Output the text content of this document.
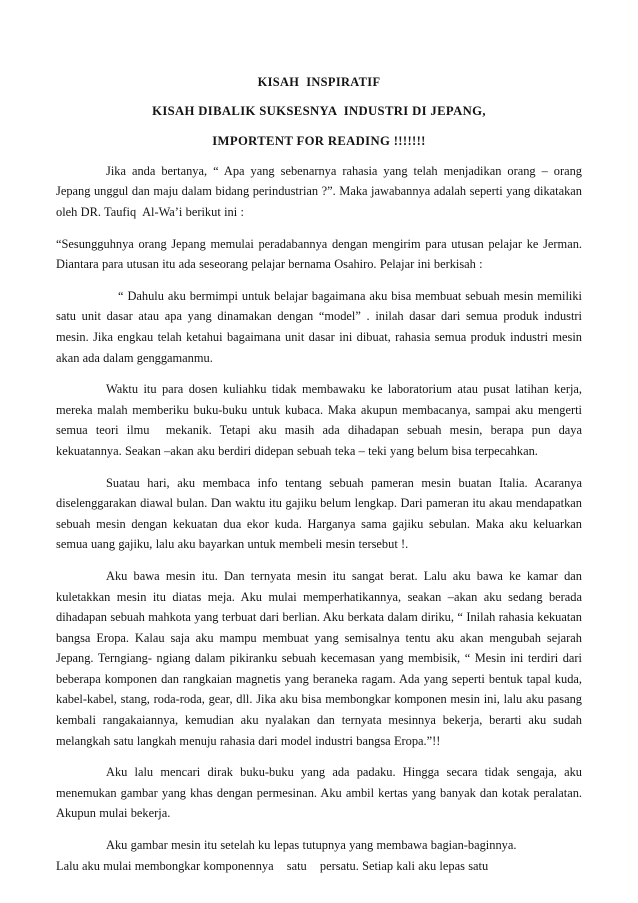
KISAH  INSPIRATIF
KISAH DIBALIK SUKSESNYA  INDUSTRI DI JEPANG,
IMPORTENT FOR READING !!!!!!!

Jika anda bertanya, “ Apa yang sebenarnya rahasia yang telah menjadikan orang – orang Jepang unggul dan maju dalam bidang perindustrian ?”. Maka jawabannya adalah seperti yang dikatakan oleh DR. Taufiq  Al-Wa’i berikut ini :

“Sesungguhnya orang Jepang memulai peradabannya dengan mengirim para utusan pelajar ke Jerman. Diantara para utusan itu ada seseorang pelajar bernama Osahiro. Pelajar ini berkisah :

“ Dahulu aku bermimpi untuk belajar bagaimana aku bisa membuat sebuah mesin memiliki satu unit dasar atau apa yang dinamakan dengan “model” . inilah dasar dari semua produk industri mesin. Jika engkau telah ketahui bagaimana unit dasar ini dibuat, rahasia semua produk industri mesin akan ada dalam genggamanmu.

Waktu itu para dosen kuliahku tidak membawaku ke laboratorium atau pusat latihan kerja, mereka malah memberiku buku-buku untuk kubaca. Maka akupun membacanya, sampai aku mengerti semua teori ilmu  mekanik. Tetapi aku masih ada dihadapan sebuah mesin, berapa pun daya kekuatannya. Seakan –akan aku berdiri didepan sebuah teka – teki yang belum bisa terpecahkan.

Suatau hari, aku membaca info tentang sebuah pameran mesin buatan Italia. Acaranya diselenggarakan diawal bulan. Dan waktu itu gajiku belum lengkap. Dari pameran itu akau mendapatkan sebuah mesin dengan kekuatan dua ekor kuda. Harganya sama gajiku sebulan. Maka aku keluarkan semua uang gajiku, lalu aku bayarkan untuk membeli mesin tersebut !.

Aku bawa mesin itu. Dan ternyata mesin itu sangat berat. Lalu aku bawa ke kamar dan kuletakkan mesin itu diatas meja. Aku mulai memperhatikannya, seakan –akan aku sedang berada dihadapan sebuah mahkota yang terbuat dari berlian. Aku berkata dalam diriku, “ Inilah rahasia kekuatan bangsa Eropa. Kalau saja aku mampu membuat yang semisalnya tentu aku akan mengubah sejarah Jepang. Terngiang- ngiang dalam pikiranku sebuah kecemasan yang membisik, “ Mesin ini terdiri dari beberapa komponen dan rangkaian magnetis yang beraneka ragam. Ada yang seperti bentuk tapal kuda, kabel-kabel, stang, roda-roda, gear, dll. Jika aku bisa membongkar komponen mesin ini, lalu aku pasang kembali rangakaiannya, kemudian aku nyalakan dan ternyata mesinnya bekerja, berarti aku sudah melangkah satu langkah menuju rahasia dari model industri bangsa Eropa.”!!

Aku lalu mencari dirak buku-buku yang ada padaku. Hingga secara tidak sengaja, aku menemukan gambar yang khas dengan permesinan. Aku ambil kertas yang banyak dan kotak peralatan. Akupun mulai bekerja.

Aku gambar mesin itu setelah ku lepas tutupnya yang membawa bagian-baginnya.

Lalu aku mulai membongkar komponennya    satu    persatu. Setiap kali aku lepas satu
